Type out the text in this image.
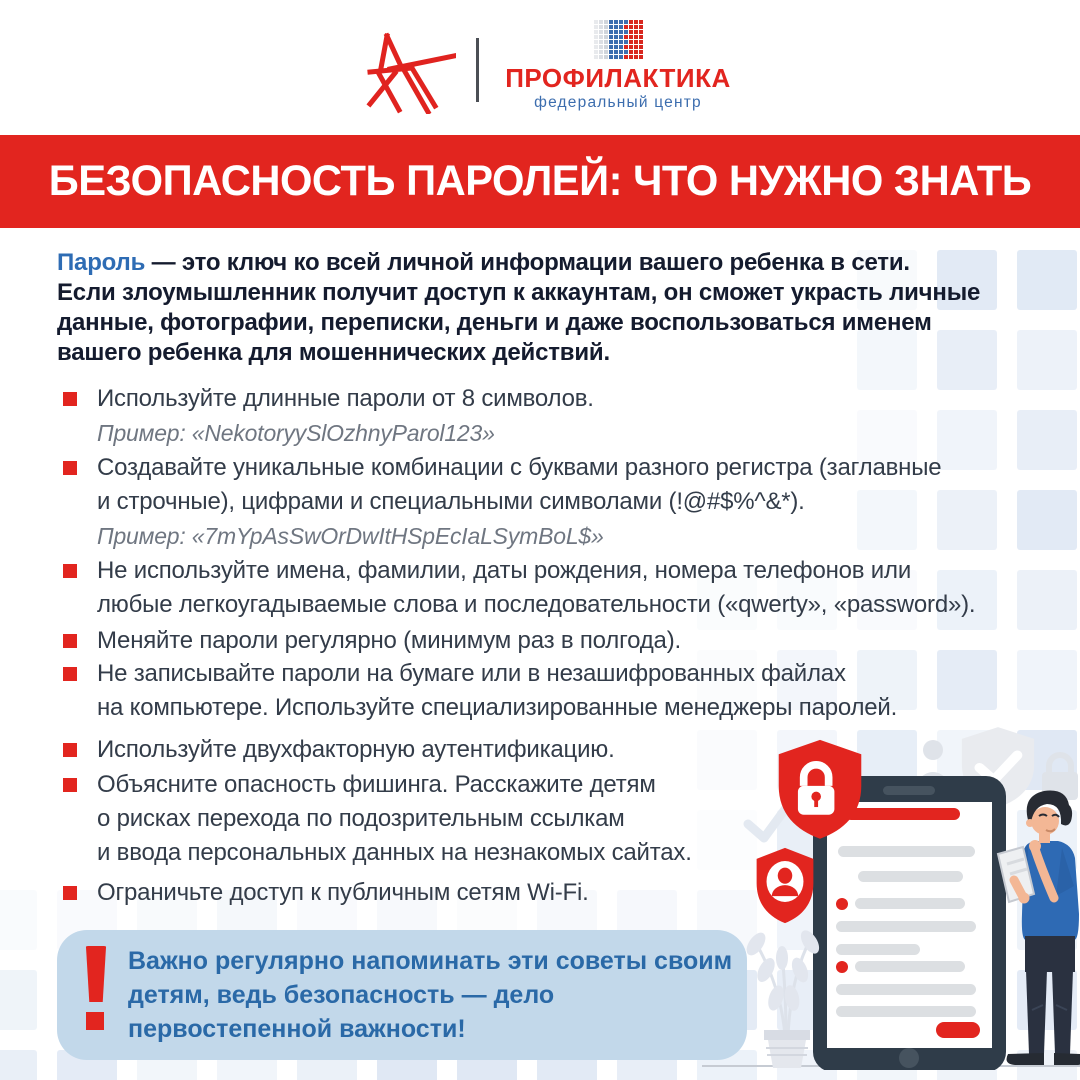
ПРОФИЛАКТИКА
федеральный центр
БЕЗОПАСНОСТЬ ПАРОЛЕЙ: ЧТО НУЖНО ЗНАТЬ
Пароль — это ключ ко всей личной информации вашего ребенка в сети.
Если злоумышленник получит доступ к аккаунтам, он сможет украсть личные
данные, фотографии, переписки, деньги и даже воспользоваться именем
вашего ребенка для мошеннических действий.
Используйте длинные пароли от 8 символов.
Пример: «NekotoryySlOzhnyParol123»
Создавайте уникальные комбинации с буквами разного регистра (заглавные
и строчные), цифрами и специальными символами (!@#$%^&*).
Пример: «7mYpAsSwOrDwItHSpEcIaLSymBoL$»
Не используйте имена, фамилии, даты рождения, номера телефонов или
любые легкоугадываемые слова и последовательности («qwerty», «password»).
Меняйте пароли регулярно (минимум раз в полгода).
Не записывайте пароли на бумаге или в незашифрованных файлах
на компьютере. Используйте специализированные менеджеры паролей.
Используйте двухфакторную аутентификацию.
Объясните опасность фишинга. Расскажите детям
о рисках перехода по подозрительным ссылкам
и ввода персональных данных на незнакомых сайтах.
Ограничьте доступ к публичным сетям Wi-Fi.
Важно регулярно напоминать эти советы своим
детям, ведь безопасность — дело
первостепенной важности!
